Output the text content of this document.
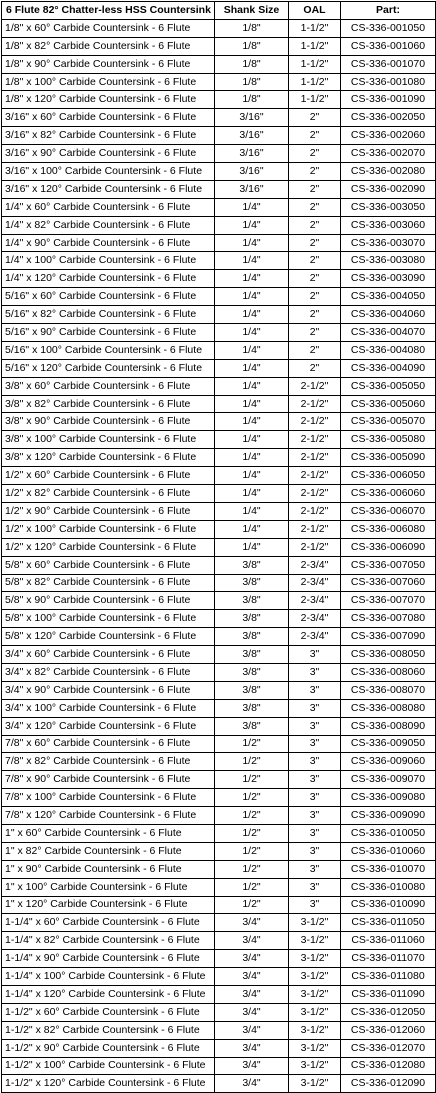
6 Flute 82° Chatter-less HSS Countersink	Shank Size	OAL	Part:
1/8" x 60° Carbide Countersink - 6 Flute	1/8"	1-1/2"	CS-336-001050
1/8" x 82° Carbide Countersink - 6 Flute	1/8"	1-1/2"	CS-336-001060
1/8" x 90° Carbide Countersink - 6 Flute	1/8"	1-1/2"	CS-336-001070
1/8" x 100° Carbide Countersink - 6 Flute	1/8"	1-1/2"	CS-336-001080
1/8" x 120° Carbide Countersink - 6 Flute	1/8"	1-1/2"	CS-336-001090
3/16" x 60° Carbide Countersink - 6 Flute	3/16"	2"	CS-336-002050
3/16" x 82° Carbide Countersink - 6 Flute	3/16"	2"	CS-336-002060
3/16" x 90° Carbide Countersink - 6 Flute	3/16"	2"	CS-336-002070
3/16" x 100° Carbide Countersink - 6 Flute	3/16"	2"	CS-336-002080
3/16" x 120° Carbide Countersink - 6 Flute	3/16"	2"	CS-336-002090
1/4" x 60° Carbide Countersink - 6 Flute	1/4"	2"	CS-336-003050
1/4" x 82° Carbide Countersink - 6 Flute	1/4"	2"	CS-336-003060
1/4" x 90° Carbide Countersink - 6 Flute	1/4"	2"	CS-336-003070
1/4" x 100° Carbide Countersink - 6 Flute	1/4"	2"	CS-336-003080
1/4" x 120° Carbide Countersink - 6 Flute	1/4"	2"	CS-336-003090
5/16" x 60° Carbide Countersink - 6 Flute	1/4"	2"	CS-336-004050
5/16" x 82° Carbide Countersink - 6 Flute	1/4"	2"	CS-336-004060
5/16" x 90° Carbide Countersink - 6 Flute	1/4"	2"	CS-336-004070
5/16" x 100° Carbide Countersink - 6 Flute	1/4"	2"	CS-336-004080
5/16" x 120° Carbide Countersink - 6 Flute	1/4"	2"	CS-336-004090
3/8" x 60° Carbide Countersink - 6 Flute	1/4"	2-1/2"	CS-336-005050
3/8" x 82° Carbide Countersink - 6 Flute	1/4"	2-1/2"	CS-336-005060
3/8" x 90° Carbide Countersink - 6 Flute	1/4"	2-1/2"	CS-336-005070
3/8" x 100° Carbide Countersink - 6 Flute	1/4"	2-1/2"	CS-336-005080
3/8" x 120° Carbide Countersink - 6 Flute	1/4"	2-1/2"	CS-336-005090
1/2" x 60° Carbide Countersink - 6 Flute	1/4"	2-1/2"	CS-336-006050
1/2" x 82° Carbide Countersink - 6 Flute	1/4"	2-1/2"	CS-336-006060
1/2" x 90° Carbide Countersink - 6 Flute	1/4"	2-1/2"	CS-336-006070
1/2" x 100° Carbide Countersink - 6 Flute	1/4"	2-1/2"	CS-336-006080
1/2" x 120° Carbide Countersink - 6 Flute	1/4"	2-1/2"	CS-336-006090
5/8" x 60° Carbide Countersink - 6 Flute	3/8"	2-3/4"	CS-336-007050
5/8" x 82° Carbide Countersink - 6 Flute	3/8"	2-3/4"	CS-336-007060
5/8" x 90° Carbide Countersink - 6 Flute	3/8"	2-3/4"	CS-336-007070
5/8" x 100° Carbide Countersink - 6 Flute	3/8"	2-3/4"	CS-336-007080
5/8" x 120° Carbide Countersink - 6 Flute	3/8"	2-3/4"	CS-336-007090
3/4" x 60° Carbide Countersink - 6 Flute	3/8"	3"	CS-336-008050
3/4" x 82° Carbide Countersink - 6 Flute	3/8"	3"	CS-336-008060
3/4" x 90° Carbide Countersink - 6 Flute	3/8"	3"	CS-336-008070
3/4" x 100° Carbide Countersink - 6 Flute	3/8"	3"	CS-336-008080
3/4" x 120° Carbide Countersink - 6 Flute	3/8"	3"	CS-336-008090
7/8" x 60° Carbide Countersink - 6 Flute	1/2"	3"	CS-336-009050
7/8" x 82° Carbide Countersink - 6 Flute	1/2"	3"	CS-336-009060
7/8" x 90° Carbide Countersink - 6 Flute	1/2"	3"	CS-336-009070
7/8" x 100° Carbide Countersink - 6 Flute	1/2"	3"	CS-336-009080
7/8" x 120° Carbide Countersink - 6 Flute	1/2"	3"	CS-336-009090
1" x 60° Carbide Countersink - 6 Flute	1/2"	3"	CS-336-010050
1" x 82° Carbide Countersink - 6 Flute	1/2"	3"	CS-336-010060
1" x 90° Carbide Countersink - 6 Flute	1/2"	3"	CS-336-010070
1" x 100° Carbide Countersink - 6 Flute	1/2"	3"	CS-336-010080
1" x 120° Carbide Countersink - 6 Flute	1/2"	3"	CS-336-010090
1-1/4" x 60° Carbide Countersink - 6 Flute	3/4"	3-1/2"	CS-336-011050
1-1/4" x 82° Carbide Countersink - 6 Flute	3/4"	3-1/2"	CS-336-011060
1-1/4" x 90° Carbide Countersink - 6 Flute	3/4"	3-1/2"	CS-336-011070
1-1/4" x 100° Carbide Countersink - 6 Flute	3/4"	3-1/2"	CS-336-011080
1-1/4" x 120° Carbide Countersink - 6 Flute	3/4"	3-1/2"	CS-336-011090
1-1/2" x 60° Carbide Countersink - 6 Flute	3/4"	3-1/2"	CS-336-012050
1-1/2" x 82° Carbide Countersink - 6 Flute	3/4"	3-1/2"	CS-336-012060
1-1/2" x 90° Carbide Countersink - 6 Flute	3/4"	3-1/2"	CS-336-012070
1-1/2" x 100° Carbide Countersink - 6 Flute	3/4"	3-1/2"	CS-336-012080
1-1/2" x 120° Carbide Countersink - 6 Flute	3/4"	3-1/2"	CS-336-012090
